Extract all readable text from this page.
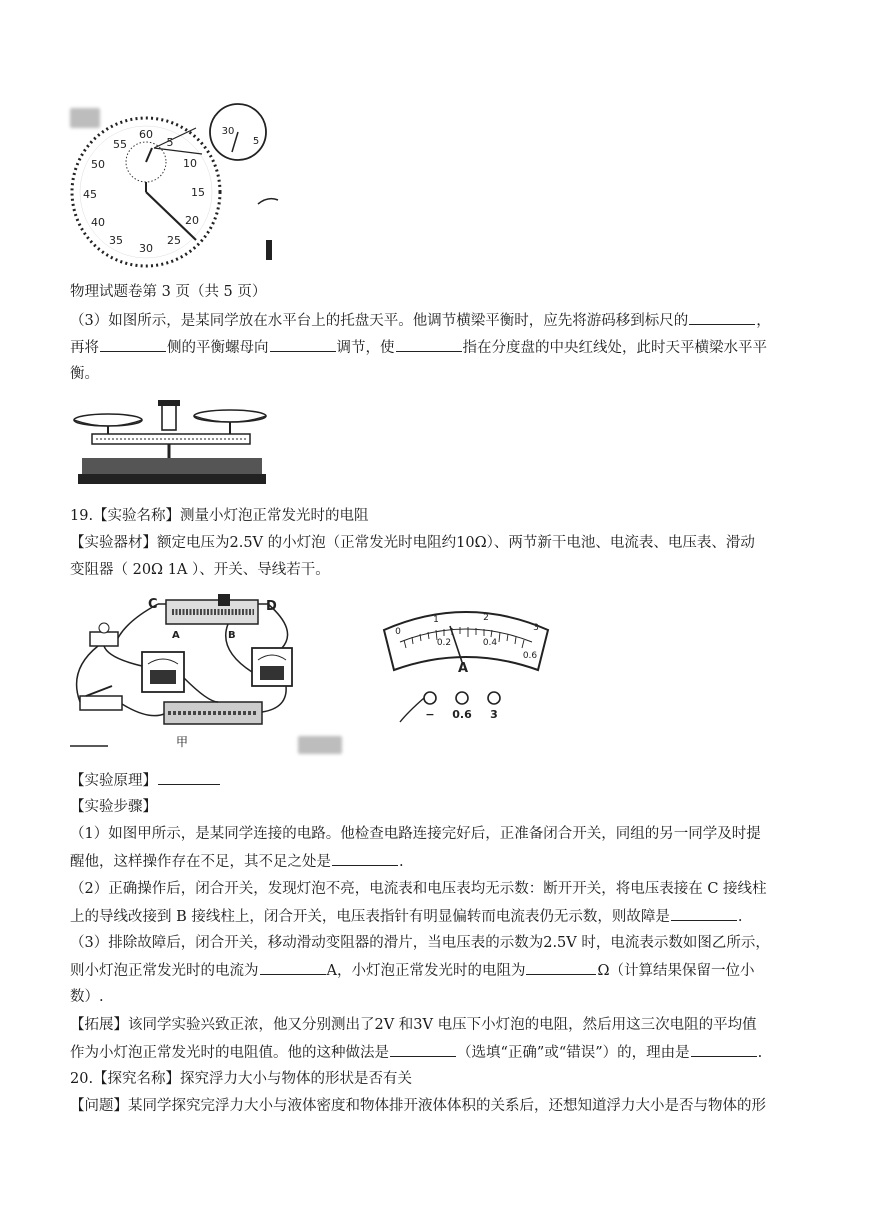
60
5
10
15
20
25
30
35
40
45
50
55
30
5
物理试题卷第 3 页（共 5 页）
（3）如图所示，是某同学放在水平台上的托盘天平。他调节横梁平衡时，应先将游码移到标尺的	，
再将	侧的平衡螺母向	调节，使	指在分度盘的中央红线处，此时天平横梁水平平
衡。
19.【实验名称】测量小灯泡正常发光时的电阻
【实验器材】额定电压为2.5V 的小灯泡（正常发光时电阻约10Ω）、两节新干电池、电流表、电压表、滑动
变阻器（ 20Ω 1A ）、开关、导线若干。
C	D
A	B
甲
0
0.2	0.4
0.6
1	2
3
A
− 0.6 3
【实验原理】
【实验步骤】
（1）如图甲所示，是某同学连接的电路。他检查电路连接完好后，正准备闭合开关，同组的另一同学及时提
醒他，这样操作存在不足，其不足之处是	.
（2）正确操作后，闭合开关，发现灯泡不亮，电流表和电压表均无示数：断开开关，将电压表接在 C 接线柱
上的导线改接到 B 接线柱上，闭合开关，电压表指针有明显偏转而电流表仍无示数，则故障是	.
（3）排除故障后，闭合开关，移动滑动变阻器的滑片，当电压表的示数为2.5V 时，电流表示数如图乙所示，
则小灯泡正常发光时的电流为	A，小灯泡正常发光时的电阻为	Ω（计算结果保留一位小
数）.
【拓展】该同学实验兴致正浓，他又分别测出了2V 和3V 电压下小灯泡的电阻，然后用这三次电阻的平均值
作为小灯泡正常发光时的电阻值。他的这种做法是	（选填“正确”或“错误”）的，理由是	.
20.【探究名称】探究浮力大小与物体的形状是否有关
【问题】某同学探究完浮力大小与液体密度和物体排开液体体积的关系后，还想知道浮力大小是否与物体的形
